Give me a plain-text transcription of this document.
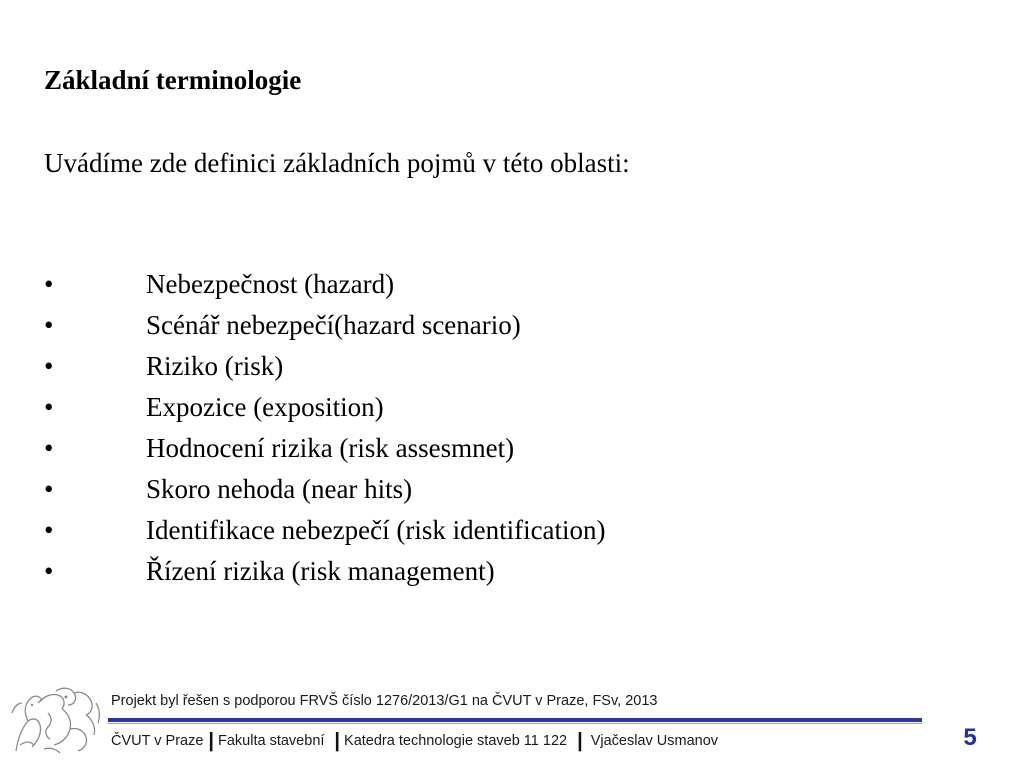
Základní terminologie

Uvádíme zde definici základních pojmů v této oblasti:

•	Nebezpečnost (hazard)
•	Scénář nebezpečí(hazard scenario)
•	Riziko (risk)
•	Expozice (exposition)
•	Hodnocení rizika (risk assesmnet)
•	Skoro nehoda (near hits)
•	Identifikace nebezpečí (risk identification)
•	Řízení rizika (risk management)
Projekt byl řešen s podporou FRVŠ číslo 1276/2013/G1 na ČVUT v Praze, FSv, 2013
ČVUT v Praze | Fakulta stavební | Katedra technologie staveb 11 122 | Vjačeslav Usmanov	5
